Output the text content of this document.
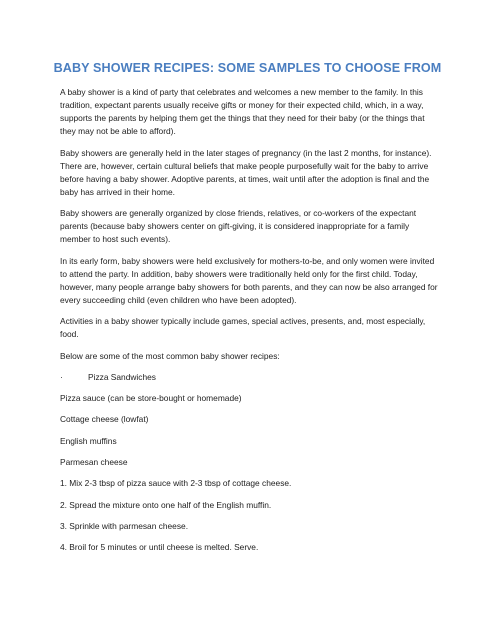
BABY SHOWER RECIPES: SOME SAMPLES TO CHOOSE FROM

A baby shower is a kind of party that celebrates and welcomes a new member to the family. In this tradition, expectant parents usually receive gifts or money for their expected child, which, in a way, supports the parents by helping them get the things that they need for their baby (or the things that they may not be able to afford).

Baby showers are generally held in the later stages of pregnancy (in the last 2 months, for instance). There are, however, certain cultural beliefs that make people purposefully wait for the baby to arrive before having a baby shower. Adoptive parents, at times, wait until after the adoption is final and the baby has arrived in their home.

Baby showers are generally organized by close friends, relatives, or co-workers of the expectant parents (because baby showers center on gift-giving, it is considered inappropriate for a family member to host such events).

In its early form, baby showers were held exclusively for mothers-to-be, and only women were invited to attend the party. In addition, baby showers were traditionally held only for the first child. Today, however, many people arrange baby showers for both parents, and they can now be also arranged for every succeeding child (even children who have been adopted).

Activities in a baby shower typically include games, special actives, presents, and, most especially, food.

Below are some of the most common baby shower recipes:

·	Pizza Sandwiches

Pizza sauce (can be store-bought or homemade)

Cottage cheese (lowfat)

English muffins

Parmesan cheese

1. Mix 2-3 tbsp of pizza sauce with 2-3 tbsp of cottage cheese.

2. Spread the mixture onto one half of the English muffin.

3. Sprinkle with parmesan cheese.

4. Broil for 5 minutes or until cheese is melted. Serve.
